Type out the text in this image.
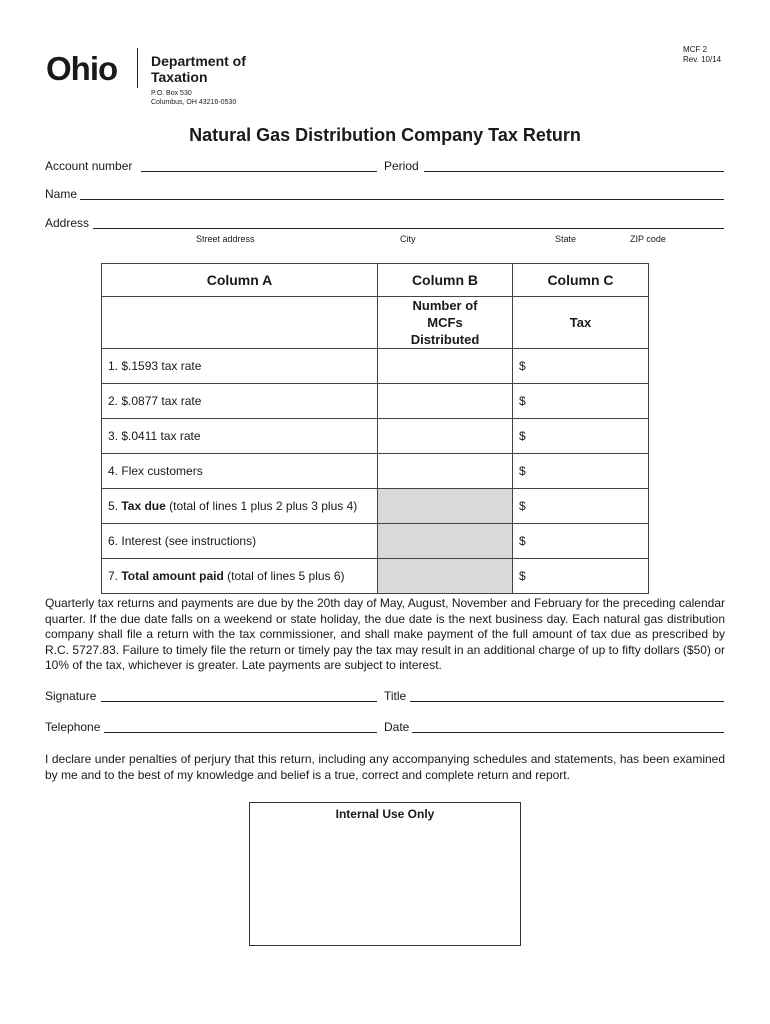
Ohio Department of Taxation
P.O. Box 530
Columbus, OH 43216-0530
MCF 2
Rev. 10/14
Natural Gas Distribution Company Tax Return
Account number	Period
Name
Address
Street address	City	State	ZIP code
Column A	Column B	Column C

	Number of MCFs Distributed	Tax
1. $.1593 tax rate		$
2. $.0877 tax rate		$
3. $.0411 tax rate		$
4. Flex customers		$
5. Tax due (total of lines 1 plus 2 plus 3 plus 4)		$
6. Interest (see instructions)		$
7. Total amount paid (total of lines 5 plus 6)		$
Quarterly tax returns and payments are due by the 20th day of May, August, November and February for the preceding calendar quarter. If the due date falls on a weekend or state holiday, the due date is the next business day. Each natural gas distribution company shall file a return with the tax commissioner, and shall make payment of the full amount of tax due as prescribed by R.C. 5727.83. Failure to timely file the return or timely pay the tax may result in an additional charge of up to fifty dollars ($50) or 10% of the tax, whichever is greater. Late payments are subject to interest.
Signature	Title
Telephone	Date
I declare under penalties of perjury that this return, including any accompanying schedules and statements, has been examined by me and to the best of my knowledge and belief is a true, correct and complete return and report.
Internal Use Only
